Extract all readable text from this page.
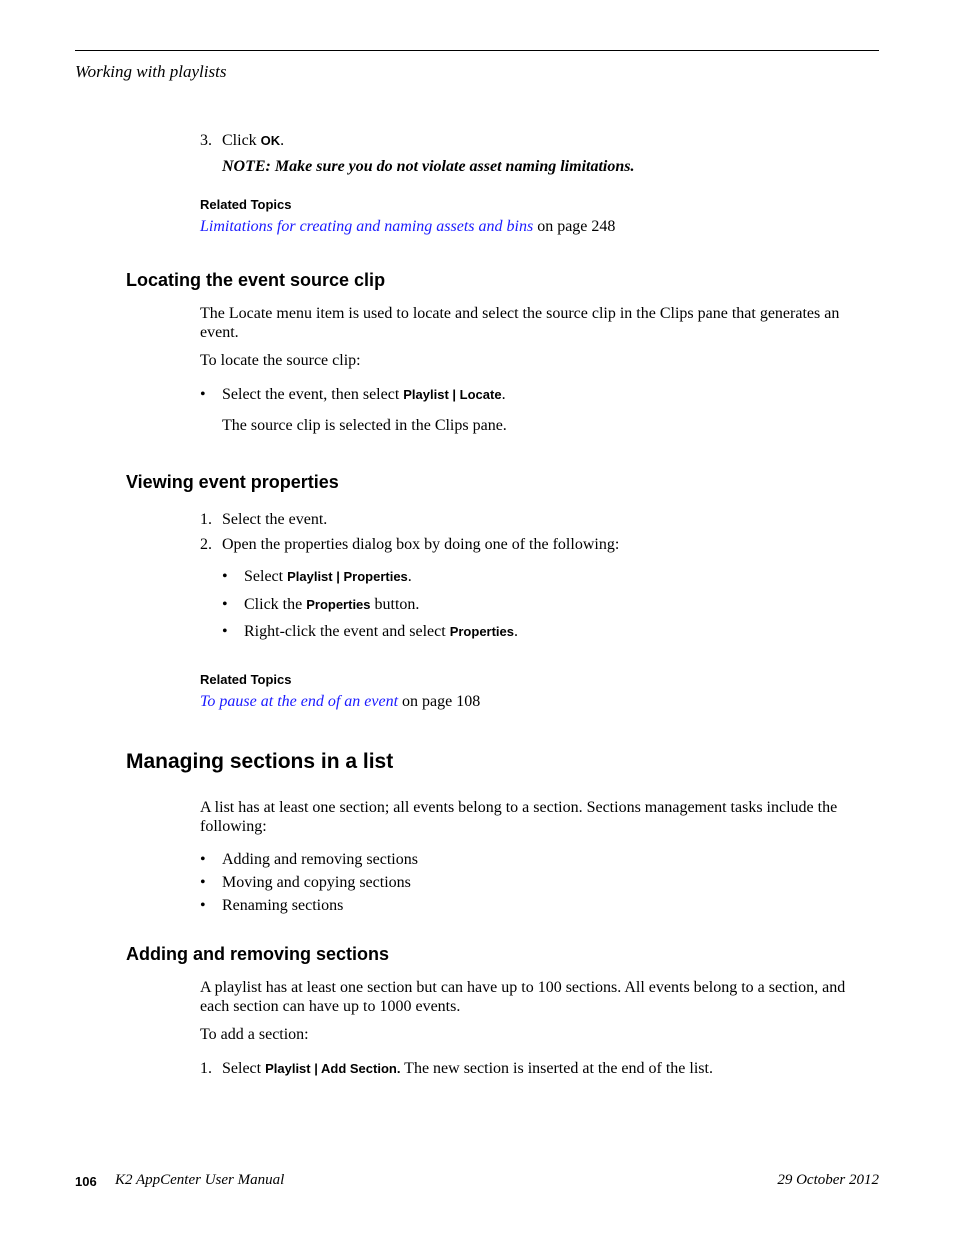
Working with playlists
3. Click OK.
NOTE: Make sure you do not violate asset naming limitations.
Related Topics
Limitations for creating and naming assets and bins on page 248
Locating the event source clip
The Locate menu item is used to locate and select the source clip in the Clips pane that generates an event.
To locate the source clip:
• Select the event, then select Playlist | Locate.
The source clip is selected in the Clips pane.
Viewing event properties
1. Select the event.
2. Open the properties dialog box by doing one of the following:
• Select Playlist | Properties.
• Click the Properties button.
• Right-click the event and select Properties.
Related Topics
To pause at the end of an event on page 108
Managing sections in a list
A list has at least one section; all events belong to a section. Sections management tasks include the following:
• Adding and removing sections
• Moving and copying sections
• Renaming sections
Adding and removing sections
A playlist has at least one section but can have up to 100 sections. All events belong to a section, and each section can have up to 1000 events.
To add a section:
1. Select Playlist | Add Section. The new section is inserted at the end of the list.
106 K2 AppCenter User Manual	29 October 2012
